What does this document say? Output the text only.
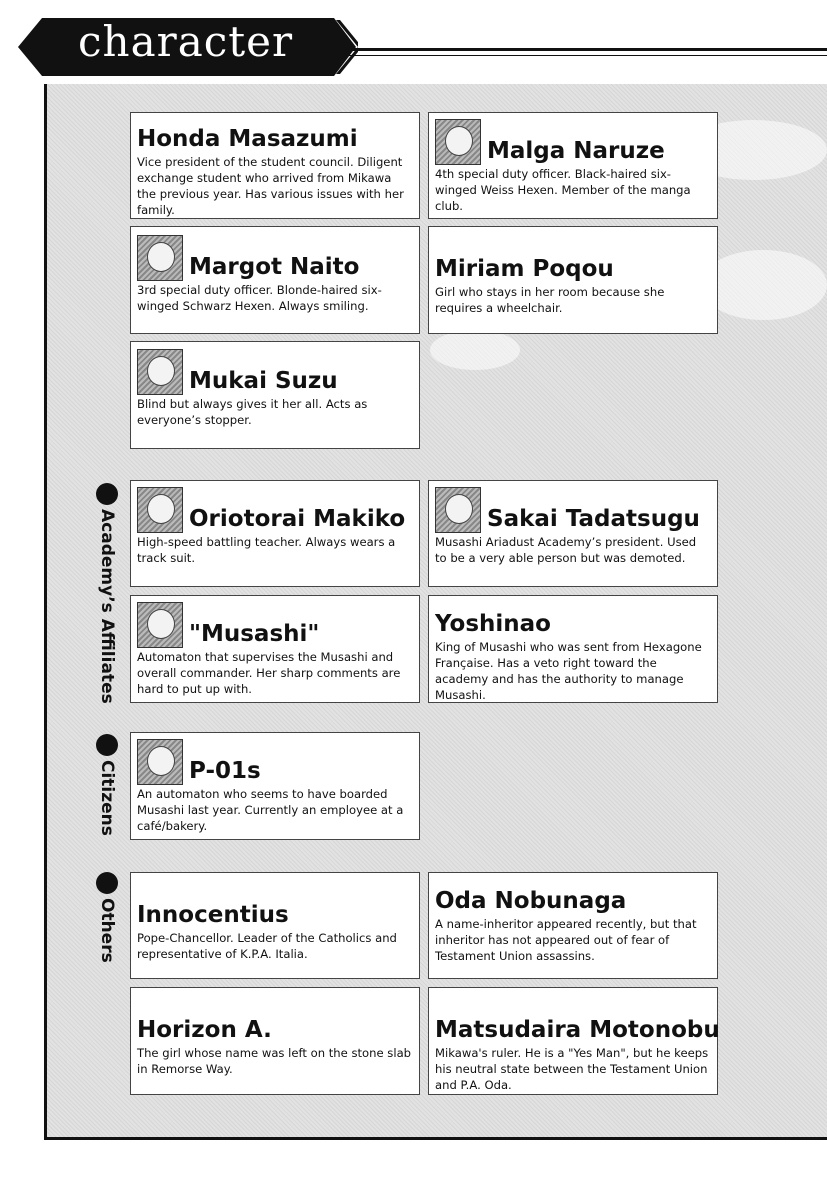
character
Academy’s Affiliates
Citizens
Others
Honda Masazumi
Vice president of the student council. Diligent exchange student who arrived from Mikawa the previous year. Has various issues with her family.
Malga Naruze
4th special duty officer. Black-haired six-winged Weiss Hexen. Member of the manga club.
Margot Naito
3rd special duty officer. Blonde-haired six-winged Schwarz Hexen. Always smiling.
Miriam Poqou
Girl who stays in her room because she requires a wheelchair.
Mukai Suzu
Blind but always gives it her all. Acts as everyone’s stopper.
Oriotorai Makiko
High-speed battling teacher. Always wears a track suit.
Sakai Tadatsugu
Musashi Ariadust Academy’s president. Used to be a very able person but was demoted.
"Musashi"
Automaton that supervises the Musashi and overall commander. Her sharp comments are hard to put up with.
Yoshinao
King of Musashi who was sent from Hexagone Française. Has a veto right toward the academy and has the authority to manage Musashi.
P-01s
An automaton who seems to have boarded Musashi last year. Currently an employee at a café/bakery.
Innocentius
Pope-Chancellor. Leader of the Catholics and representative of K.P.A. Italia.
Oda Nobunaga
A name-inheritor appeared recently, but that inheritor has not appeared out of fear of Testament Union assassins.
Horizon A.
The girl whose name was left on the stone slab in Remorse Way.
Matsudaira Motonobu
Mikawa's ruler. He is a "Yes Man", but he keeps his neutral state between the Testament Union and P.A. Oda.
